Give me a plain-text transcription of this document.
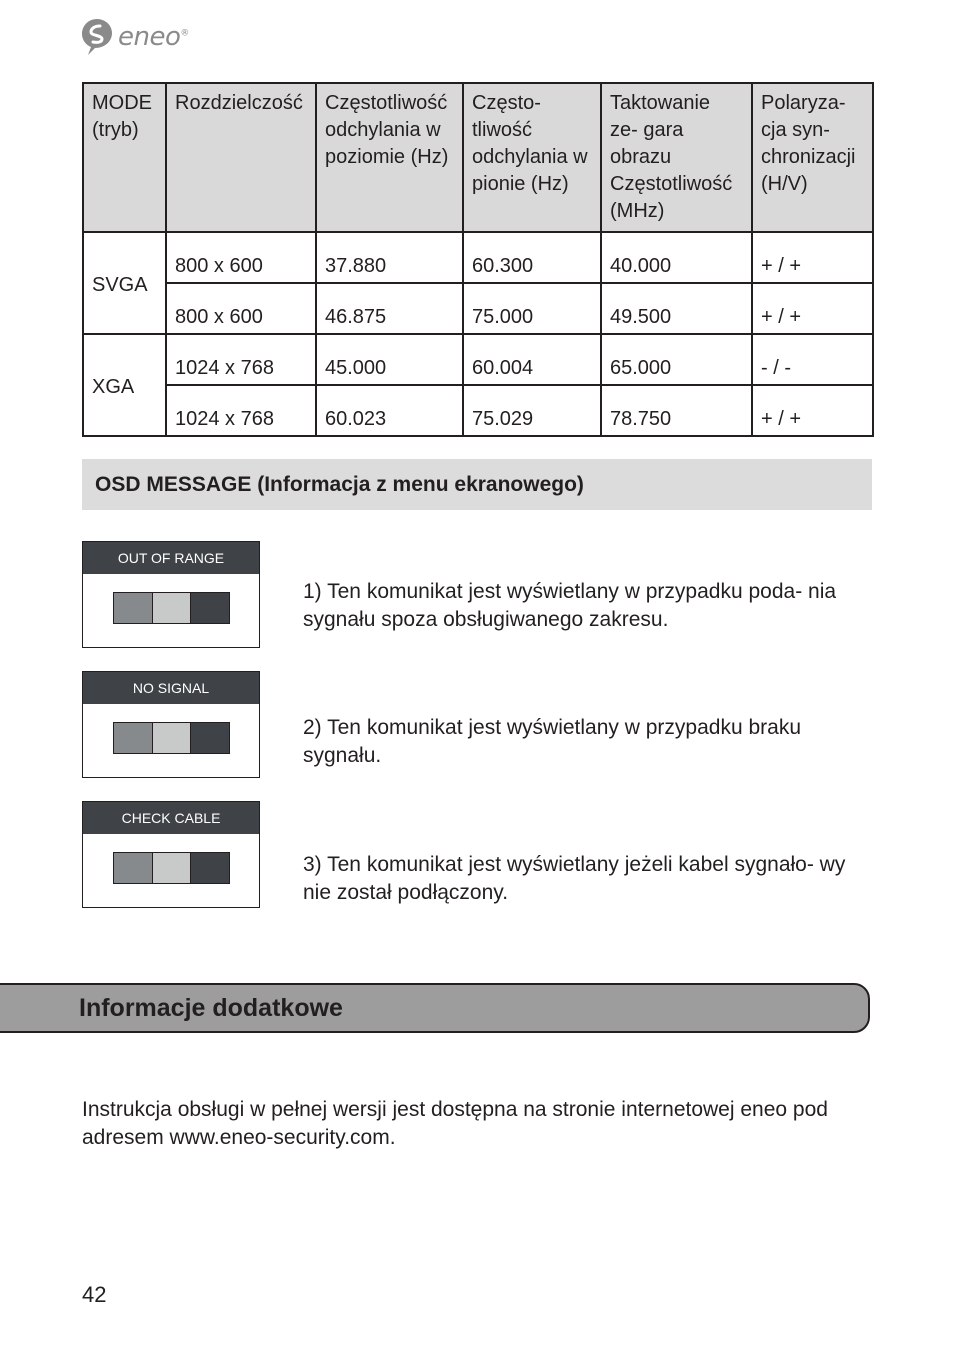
eneo®
MODE (tryb)	Rozdzielczość	Częstotliwość odchylania w poziomie (Hz)	Często- tliwość odchylania w pionie (Hz)	Taktowanie ze- gara obrazu Częstotliwość (MHz)	Polaryza- cja syn- chronizacji (H/V)
SVGA	800 x 600	37.880	60.300	40.000	+ / +
	800 x 600	46.875	75.000	49.500	+ / +
XGA	1024 x 768	45.000	60.004	65.000	- / -
	1024 x 768	60.023	75.029	78.750	+ / +
OSD MESSAGE (Informacja z menu ekranowego)
OUT OF RANGE
1) Ten komunikat jest wyświetlany w przypadku poda- nia sygnału spoza obsługiwanego zakresu.
NO SIGNAL
2) Ten komunikat jest wyświetlany w przypadku braku sygnału.
CHECK CABLE
3) Ten komunikat jest wyświetlany jeżeli kabel sygnało- wy nie został podłączony.
Informacje dodatkowe
Instrukcja obsługi w pełnej wersji jest dostępna na stronie internetowej eneo pod adresem www.eneo-security.com.
42
